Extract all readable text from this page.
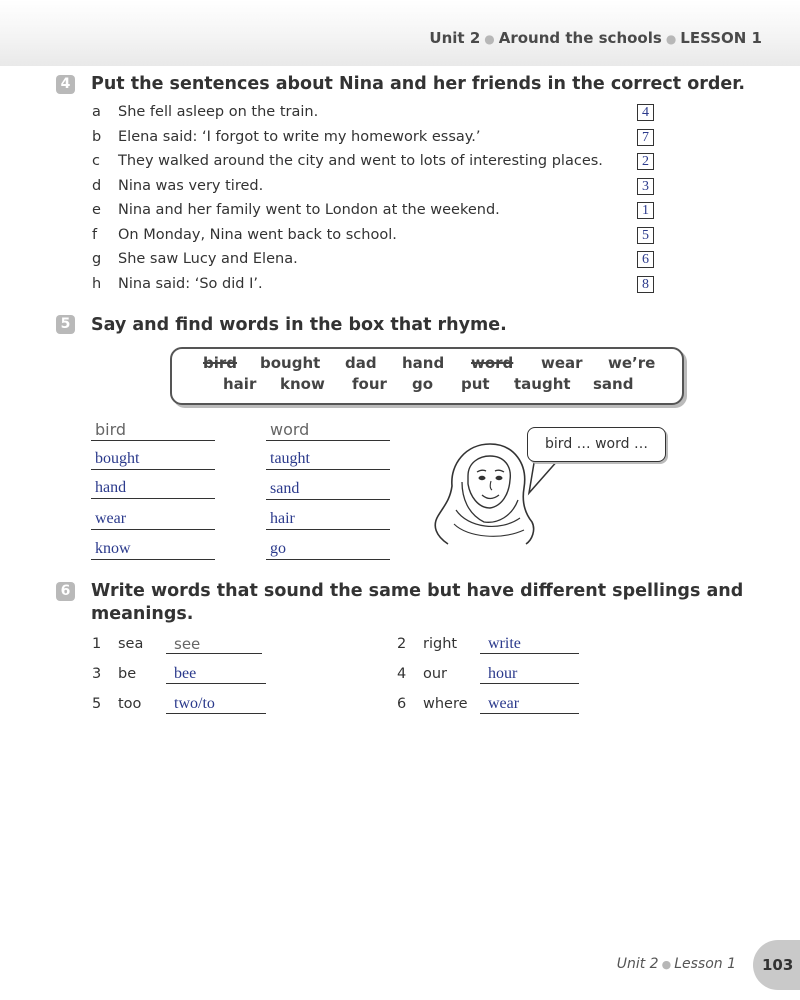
Unit 2 ● Around the schools ● LESSON 1
4 Put the sentences about Nina and her friends in the correct order.
a She fell asleep on the train.	4
b Elena said: ‘I forgot to write my homework essay.’	7
c They walked around the city and went to lots of interesting places.	2
d Nina was very tired.	3
e Nina and her family went to London at the weekend.	1
f On Monday, Nina went back to school.	5
g She saw Lucy and Elena.	6
h Nina said: ‘So did I’.	8
5 Say and find words in the box that rhyme.
bird bought dad hand word wear we’re
hair know four go put taught sand
bird
bought
hand
wear
know
word
taught
sand
hair
go
bird … word …
6 Write words that sound the same but have different spellings and
meanings.
1 sea see	2 right write
3 be bee	4 our	hour
5 too two/to	6 where wear
Unit 2 ● Lesson 1 103
